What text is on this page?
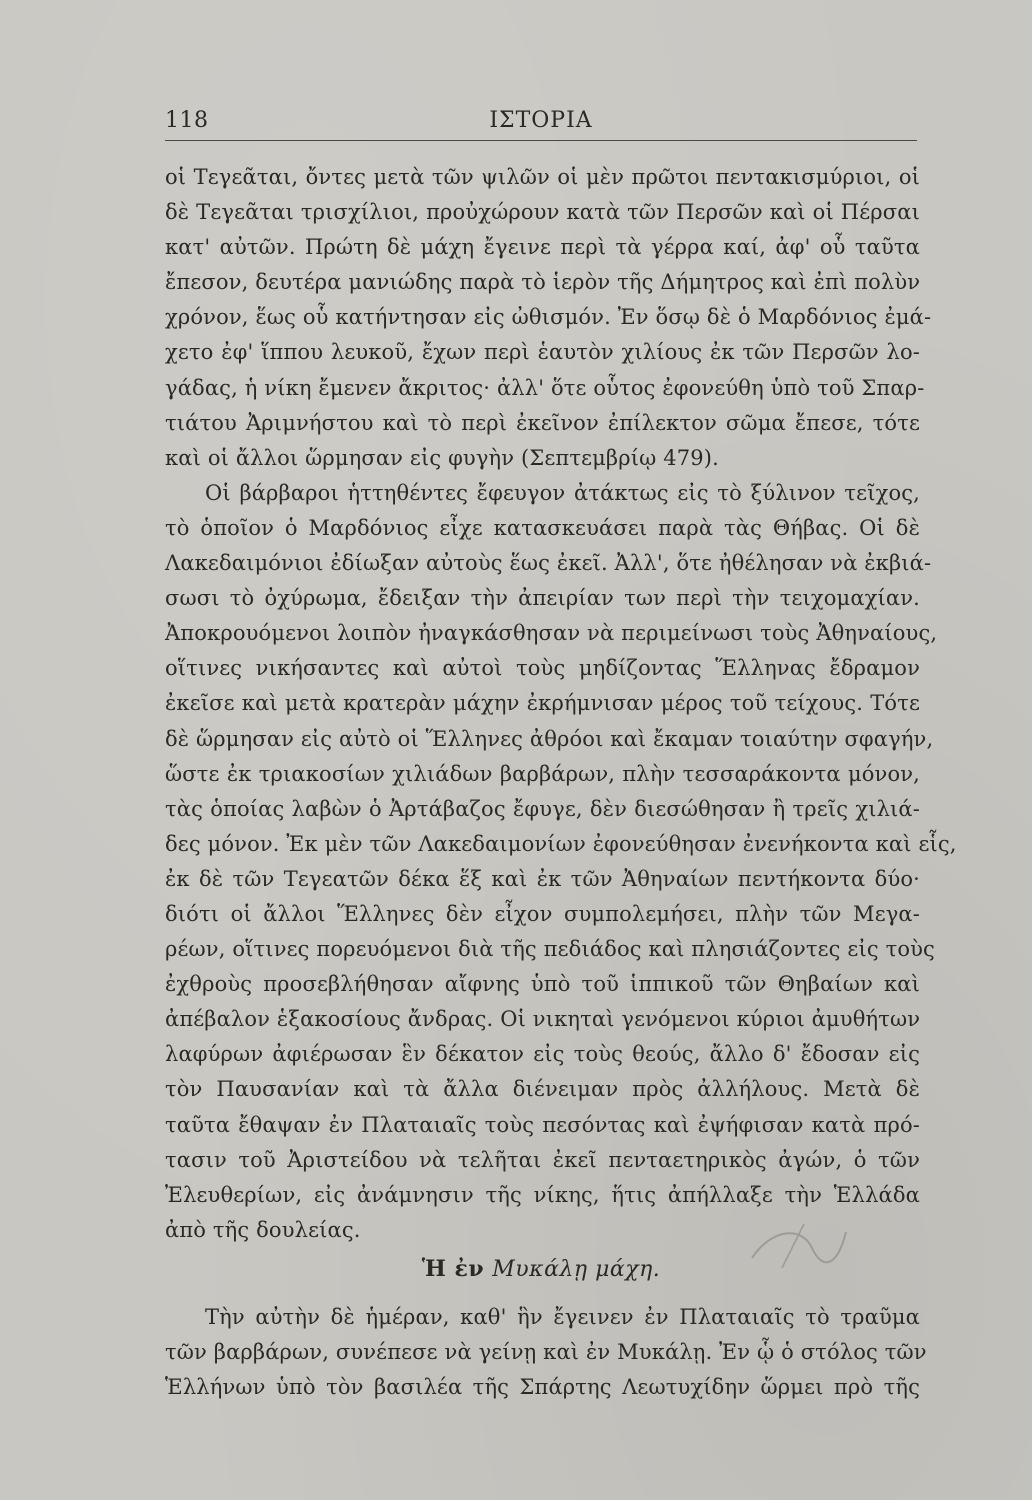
118	ΙΣΤΟΡΙΑ
οἱ Τεγεᾶται, ὄντες μετὰ τῶν ψιλῶν οἱ μὲν πρῶτοι πεντακισμύριοι, οἱ
δὲ Τεγεᾶται τρισχίλιοι, προὐχώρουν κατὰ τῶν Περσῶν καὶ οἱ Πέρσαι
κατ' αὐτῶν. Πρώτη δὲ μάχη ἔγεινε περὶ τὰ γέρρα καί, ἀφ' οὗ ταῦτα
ἔπεσον, δευτέρα μανιώδης παρὰ τὸ ἱερὸν τῆς Δήμητρος καὶ ἐπὶ πολὺν
χρόνον, ἕως οὗ κατήντησαν εἰς ὠθισμόν. Ἐν ὅσῳ δὲ ὁ Μαρδόνιος ἐμά-
χετο ἐφ' ἵππου λευκοῦ, ἔχων περὶ ἑαυτὸν χιλίους ἐκ τῶν Περσῶν λο-
γάδας, ἡ νίκη ἔμενεν ἄκριτος· ἀλλ' ὅτε οὗτος ἐφονεύθη ὑπὸ τοῦ Σπαρ-
τιάτου Ἀριμνήστου καὶ τὸ περὶ ἐκεῖνον ἐπίλεκτον σῶμα ἔπεσε, τότε
καὶ οἱ ἄλλοι ὥρμησαν εἰς φυγὴν (Σεπτεμβρίῳ 479).
Οἱ βάρβαροι ἡττηθέντες ἔφευγον ἀτάκτως εἰς τὸ ξύλινον τεῖχος,
τὸ ὁποῖον ὁ Μαρδόνιος εἶχε κατασκευάσει παρὰ τὰς Θήβας. Οἱ δὲ
Λακεδαιμόνιοι ἐδίωξαν αὐτοὺς ἕως ἐκεῖ. Ἀλλ', ὅτε ἠθέλησαν νὰ ἐκβιά-
σωσι τὸ ὀχύρωμα, ἔδειξαν τὴν ἀπειρίαν των περὶ τὴν τειχομαχίαν.
Ἀποκρουόμενοι λοιπὸν ἠναγκάσθησαν νὰ περιμείνωσι τοὺς Ἀθηναίους,
οἵτινες νικήσαντες καὶ αὐτοὶ τοὺς μηδίζοντας Ἕλληνας ἔδραμον
ἐκεῖσε καὶ μετὰ κρατερὰν μάχην ἐκρήμνισαν μέρος τοῦ τείχους. Τότε
δὲ ὥρμησαν εἰς αὐτὸ οἱ Ἕλληνες ἀθρόοι καὶ ἔκαμαν τοιαύτην σφαγήν,
ὥστε ἐκ τριακοσίων χιλιάδων βαρβάρων, πλὴν τεσσαράκοντα μόνον,
τὰς ὁποίας λαβὼν ὁ Ἀρτάβαζος ἔφυγε, δὲν διεσώθησαν ἢ τρεῖς χιλιά-
δες μόνον. Ἐκ μὲν τῶν Λακεδαιμονίων ἐφονεύθησαν ἐνενήκοντα καὶ εἷς,
ἐκ δὲ τῶν Τεγεατῶν δέκα ἕξ καὶ ἐκ τῶν Ἀθηναίων πεντήκοντα δύο·
διότι οἱ ἄλλοι Ἕλληνες δὲν εἶχον συμπολεμήσει, πλὴν τῶν Μεγα-
ρέων, οἵτινες πορευόμενοι διὰ τῆς πεδιάδος καὶ πλησιάζοντες εἰς τοὺς
ἐχθροὺς προσεβλήθησαν αἴφνης ὑπὸ τοῦ ἱππικοῦ τῶν Θηβαίων καὶ
ἀπέβαλον ἑξακοσίους ἄνδρας. Οἱ νικηταὶ γενόμενοι κύριοι ἀμυθήτων
λαφύρων ἀφιέρωσαν ἓν δέκατον εἰς τοὺς θεούς, ἄλλο δ' ἔδοσαν εἰς
τὸν Παυσανίαν καὶ τὰ ἄλλα διένειμαν πρὸς ἀλλήλους. Μετὰ δὲ
ταῦτα ἔθαψαν ἐν Πλαταιαῖς τοὺς πεσόντας καὶ ἐψήφισαν κατὰ πρό-
τασιν τοῦ Ἀριστείδου νὰ τελῆται ἐκεῖ πενταετηρικὸς ἀγών, ὁ τῶν
Ἐλευθερίων, εἰς ἀνάμνησιν τῆς νίκης, ἥτις ἀπήλλαξε τὴν Ἑλλάδα
ἀπὸ τῆς δουλείας.
Ἡ ἐν Μυκάλῃ μάχη.
Τὴν αὐτὴν δὲ ἡμέραν, καθ' ἣν ἔγεινεν ἐν Πλαταιαῖς τὸ τραῦμα
τῶν βαρβάρων, συνέπεσε νὰ γείνῃ καὶ ἐν Μυκάλῃ. Ἐν ᾧ ὁ στόλος τῶν
Ἑλλήνων ὑπὸ τὸν βασιλέα τῆς Σπάρτης Λεωτυχίδην ὥρμει πρὸ τῆς
